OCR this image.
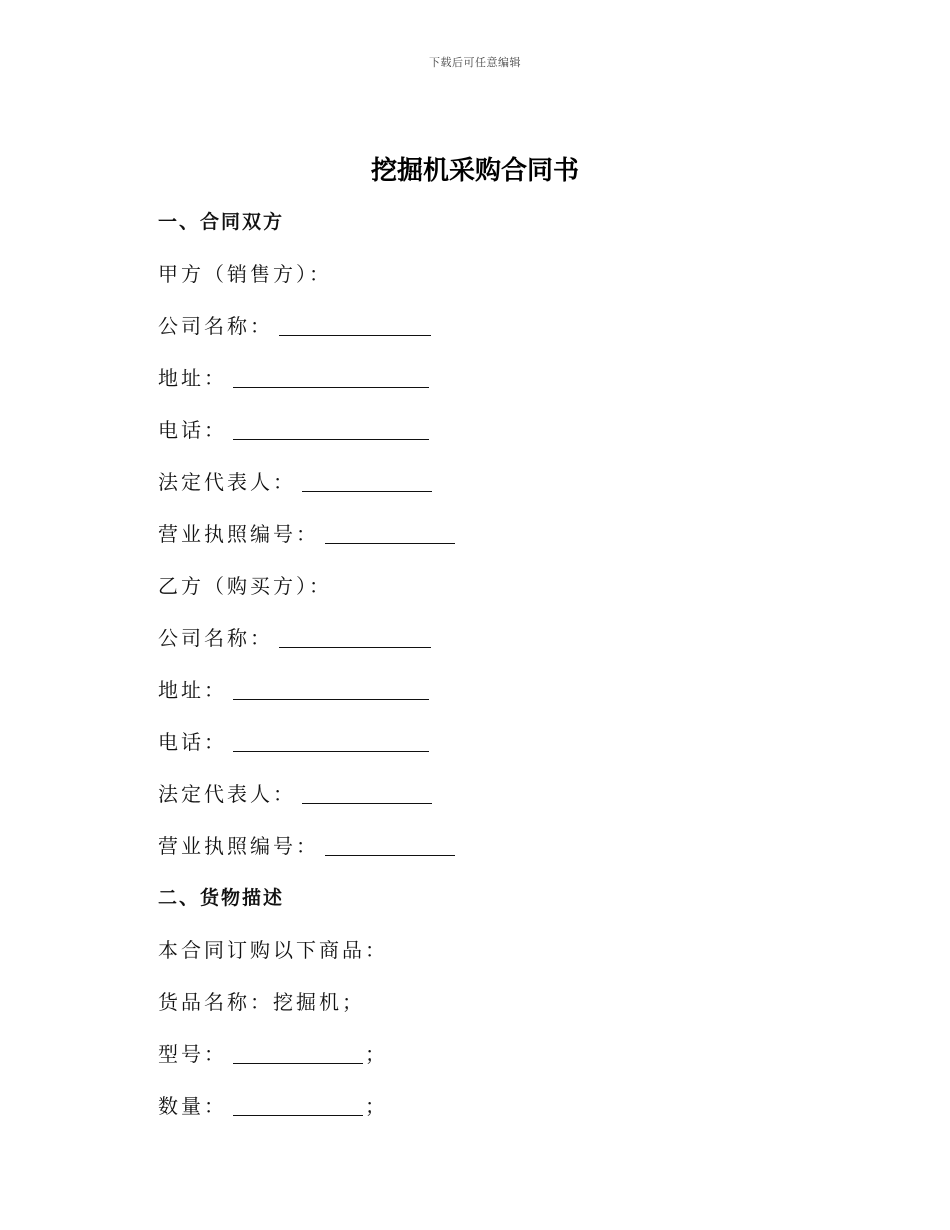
下载后可任意编辑
挖掘机采购合同书
一、合同双方
甲方（销售方）：
公司名称：
地址：
电话：
法定代表人：
营业执照编号：
乙方（购买方）：
公司名称：
地址：
电话：
法定代表人：
营业执照编号：
二、货物描述
本合同订购以下商品：
货品名称：挖掘机；
型号：	；
数量：	；
